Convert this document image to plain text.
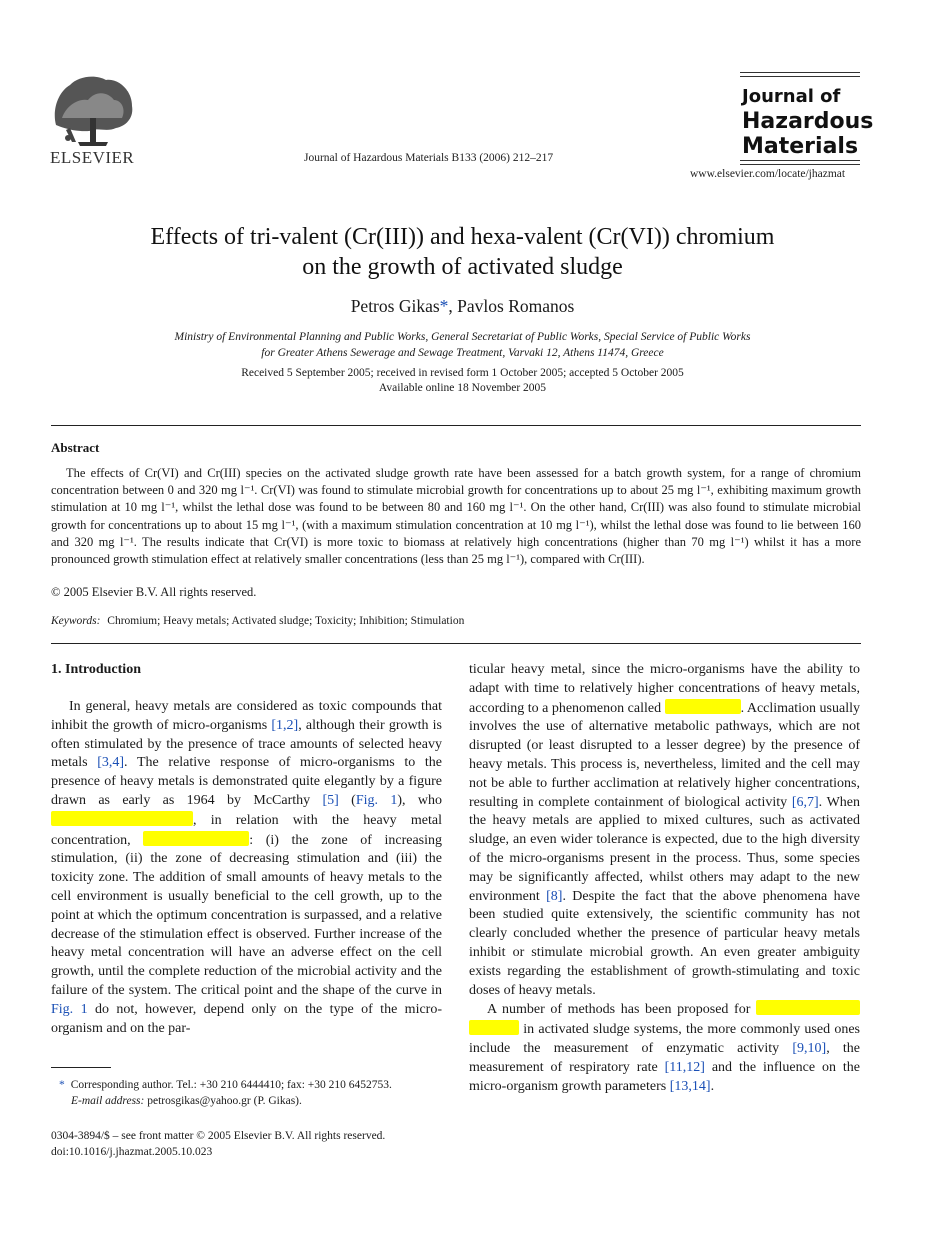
ELSEVIER	Journal of Hazardous Materials B133 (2006) 212–217
Journal of
Hazardous
Materials
www.elsevier.com/locate/jhazmat
Effects of tri-valent (Cr(III)) and hexa-valent (Cr(VI)) chromium
on the growth of activated sludge
Petros Gikas*, Pavlos Romanos
Ministry of Environmental Planning and Public Works, General Secretariat of Public Works, Special Service of Public Works
for Greater Athens Sewerage and Sewage Treatment, Varvaki 12, Athens 11474, Greece
Received 5 September 2005; received in revised form 1 October 2005; accepted 5 October 2005
Available online 18 November 2005
Abstract
The effects of Cr(VI) and Cr(III) species on the activated sludge growth rate have been assessed for a batch growth system, for a range of chromium concentration between 0 and 320 mg l⁻¹. Cr(VI) was found to stimulate microbial growth for concentrations up to about 25 mg l⁻¹, exhibiting maximum growth stimulation at 10 mg l⁻¹, whilst the lethal dose was found to be between 80 and 160 mg l⁻¹. On the other hand, Cr(III) was also found to stimulate microbial growth for concentrations up to about 15 mg l⁻¹, (with a maximum stimulation concentration at 10 mg l⁻¹), whilst the lethal dose was found to lie between 160 and 320 mg l⁻¹. The results indicate that Cr(VI) is more toxic to biomass at relatively high concentrations (higher than 70 mg l⁻¹) whilst it has a more pronounced growth stimulation effect at relatively smaller concentrations (less than 25 mg l⁻¹), compared with Cr(III).
© 2005 Elsevier B.V. All rights reserved.
Keywords: Chromium; Heavy metals; Activated sludge; Toxicity; Inhibition; Stimulation
1. Introduction

In general, heavy metals are considered as toxic compounds that inhibit the growth of micro-organisms [1,2], although their growth is often stimulated by the presence of trace amounts of selected heavy metals [3,4]. The relative response of micro-organisms to the presence of heavy metals is demonstrated quite elegantly by a figure drawn as early as 1964 by McCarthy [5] (Fig. 1), who , in relation with the heavy metal concentration,	: (i) the zone of increasing stimulation, (ii) the zone of decreasing stimulation and (iii) the toxicity zone. The addition of small amounts of heavy metals to the cell environment is usually beneficial to the cell growth, up to the point at which the optimum concentration is surpassed, and a relative decrease of the stimulation effect is observed. Further increase of the heavy metal concentration will have an adverse effect on the cell growth, until the complete reduction of the microbial activity and the failure of the system. The critical point and the shape of the curve in Fig. 1 do not, however, depend only on the type of the micro-organism and on the par-

ticular heavy metal, since the micro-organisms have the ability to adapt with time to relatively higher concentrations of heavy metals, according to a phenomenon called	. Acclimation usually involves the use of alternative metabolic pathways, which are not disrupted (or least disrupted to a lesser degree) by the presence of heavy metals. This process is, nevertheless, limited and the cell may not be able to further acclimation at relatively higher concentrations, resulting in complete containment of biological activity [6,7]. When the heavy metals are applied to mixed cultures, such as activated sludge, an even wider tolerance is expected, due to the high diversity of the micro-organisms present in the process. Thus, some species may be significantly affected, whilst others may adapt to the new environment [8]. Despite the fact that the above phenomena have been studied quite extensively, the scientific community has not clearly concluded whether the presence of particular heavy metals inhibit or stimulate microbial growth. An even greater ambiguity exists regarding the establishment of growth-stimulating and toxic doses of heavy metals.

A number of methods has been proposed for   in activated sludge systems, the more commonly used ones include the measurement of enzymatic activity [9,10], the measurement of respiratory rate [11,12] and the influence on the micro-organism growth parameters [13,14].

* Corresponding author. Tel.: +30 210 6444410; fax: +30 210 6452753.
E-mail address: petrosgikas@yahoo.gr (P. Gikas).
0304-3894/$ – see front matter © 2005 Elsevier B.V. All rights reserved.
doi:10.1016/j.jhazmat.2005.10.023
